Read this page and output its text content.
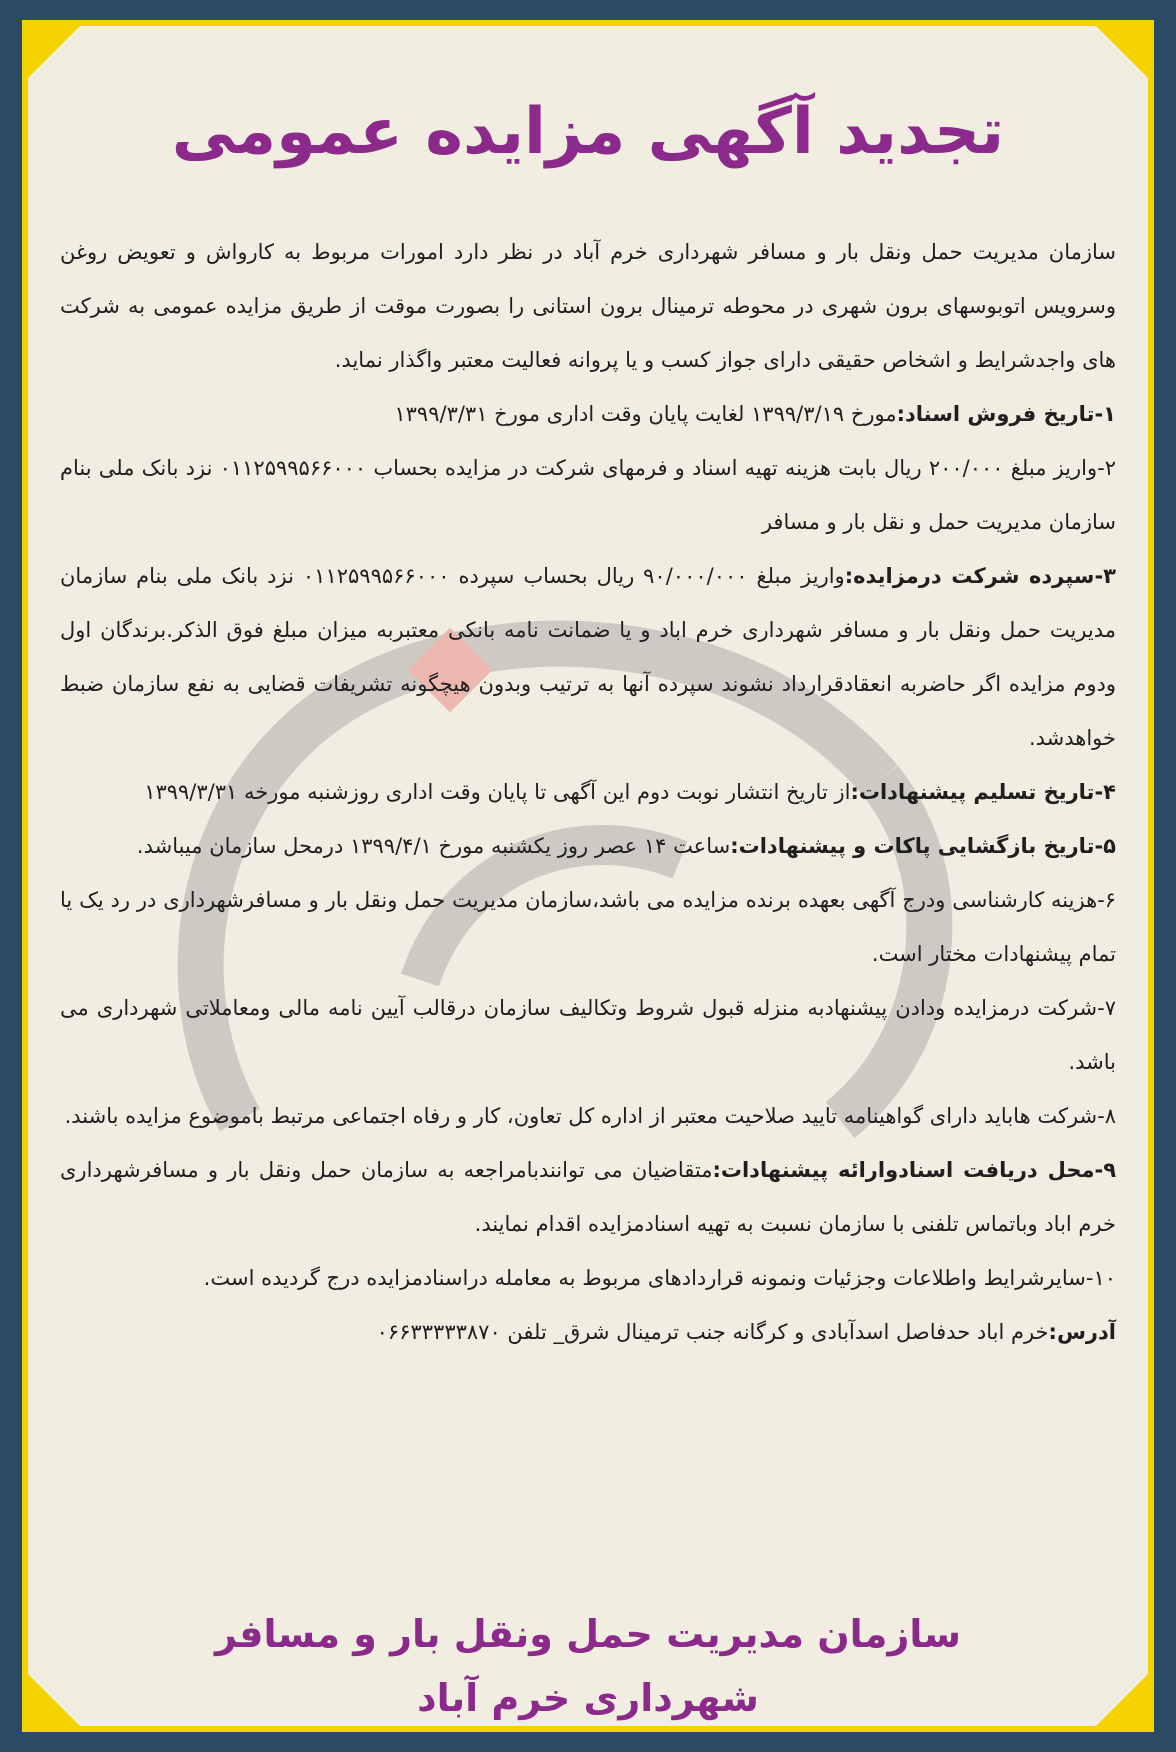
تجدید آگهی مزایده عمومی

سازمان مدیریت حمل ونقل بار و مسافر شهرداری خرم آباد در نظر دارد امورات مربوط به کارواش و تعویض روغن وسرویس اتوبوسهای برون شهری در محوطه ترمینال برون استانی را بصورت موقت از طریق مزایده عمومی به شرکت های واجدشرایط و اشخاص حقیقی دارای جواز کسب و یا پروانه فعالیت معتبر واگذار نماید.

۱-تاریخ فروش اسناد:مورخ ۱۳۹۹/۳/۱۹ لغایت پایان وقت اداری مورخ ۱۳۹۹/۳/۳۱

۲-واریز مبلغ ۲۰۰/۰۰۰ ریال بابت هزینه تهیه اسناد و فرمهای شرکت در مزایده بحساب ۰۱۱۲۵۹۹۵۶۶۰۰۰ نزد بانک ملی بنام سازمان مدیریت حمل و نقل بار و مسافر

۳-سپرده شرکت درمزایده:واریز مبلغ ۹۰/۰۰۰/۰۰۰ ریال بحساب سپرده ۰۱۱۲۵۹۹۵۶۶۰۰۰ نزد بانک ملی بنام سازمان مدیریت حمل ونقل بار و مسافر شهرداری خرم اباد و یا ضمانت نامه بانکی معتبربه میزان مبلغ فوق الذکر.برندگان اول ودوم مزایده اگر حاضربه انعقادقرارداد نشوند سپرده آنها به ترتیب وبدون هیچگونه تشریفات قضایی به نفع سازمان ضبط خواهدشد.

۴-تاریخ تسلیم پیشنهادات:از تاریخ انتشار نوبت دوم این آگهی تا پایان وقت اداری روزشنبه مورخه ۱۳۹۹/۳/۳۱

۵-تاریخ بازگشایی پاکات و پیشنهادات:ساعت ۱۴ عصر روز یکشنبه مورخ ۱۳۹۹/۴/۱ درمحل سازمان میباشد.

۶-هزینه کارشناسی ودرج آگهی بعهده برنده مزایده می باشد،سازمان مدیریت حمل ونقل بار و مسافرشهرداری در رد یک یا تمام پیشنهادات مختار است.

۷-شرکت درمزایده ودادن پیشنهادبه منزله قبول شروط وتکالیف سازمان درقالب آیین نامه مالی ومعاملاتی شهرداری می باشد.

۸-شرکت هاباید دارای گواهینامه تایید صلاحیت معتبر از اداره کل تعاون، کار و رفاه اجتماعی مرتبط باموضوع مزایده باشند.

۹-محل دریافت اسنادوارائه پیشنهادات:متقاضیان می توانندبامراجعه به سازمان حمل ونقل بار و مسافرشهرداری خرم اباد وباتماس تلفنی با سازمان نسبت به تهیه اسنادمزایده اقدام نمایند.

۱۰-سایرشرایط واطلاعات وجزئیات ونمونه قراردادهای مربوط به معامله دراسنادمزایده درج گردیده است.

آدرس:خرم اباد حدفاصل اسدآبادی و کرگانه جنب ترمینال شرق_ تلفن ۰۶۶۳۳۳۳۳۸۷۰

سازمان مدیریت حمل ونقل بار و مسافر
شهرداری خرم آباد
